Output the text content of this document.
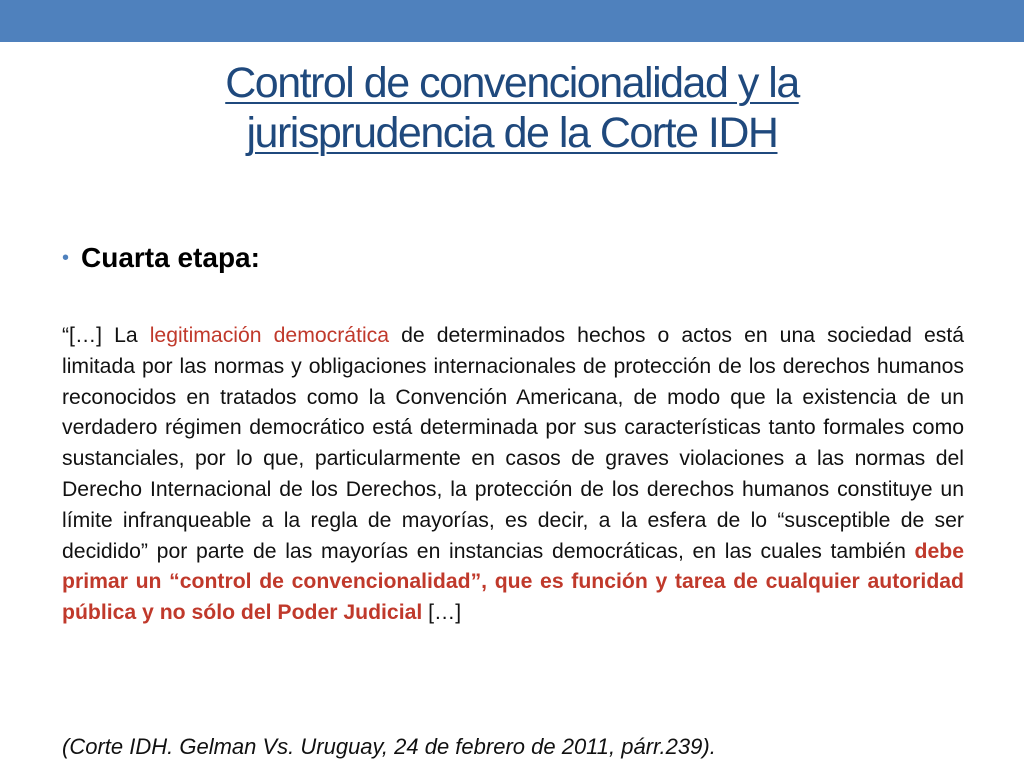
Control de convencionalidad y la jurisprudencia de la Corte IDH
• Cuarta etapa:

“[…] La legitimación democrática de determinados hechos o actos en una sociedad está limitada por las normas y obligaciones internacionales de protección de los derechos humanos reconocidos en tratados como la Convención Americana, de modo que la existencia de un verdadero régimen democrático está determinada por sus características tanto formales como sustanciales, por lo que, particularmente en casos de graves violaciones a las normas del Derecho Internacional de los Derechos, la protección de los derechos humanos constituye un límite infranqueable a la regla de mayorías, es decir, a la esfera de lo “susceptible de ser decidido” por parte de las mayorías en instancias democráticas, en las cuales también debe primar un “control de convencionalidad”, que es función y tarea de cualquier autoridad pública y no sólo del Poder Judicial […]

(Corte IDH. Gelman Vs. Uruguay, 24 de febrero de 2011, párr.239).
